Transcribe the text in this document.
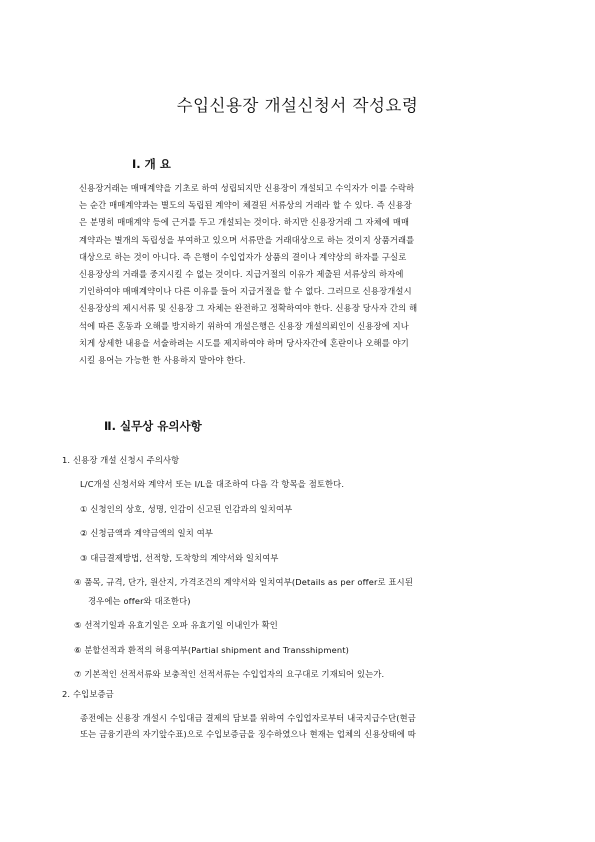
수입신용장 개설신청서 작성요령
Ⅰ. 개 요
신용장거래는 매매계약을 기초로 하여 성립되지만 신용장이 개설되고 수익자가 이를 수락하
는 순간 매매계약과는 별도의 독립된 계약이 체결된 서류상의 거래라 할 수 있다. 즉 신용장
은 분명히 매매계약 등에 근거를 두고 개설되는 것이다. 하지만 신용장거래 그 자체에 매매
계약과는 별개의 독립성을 부여하고 있으며 서류만을 거래대상으로 하는 것이지 상품거래를
대상으로 하는 것이 아니다. 즉 은행이 수입업자가 상품의 결이나 계약상의 하자를 구실로
신용장상의 거래를 중지시킬 수 없는 것이다. 지급거절의 이유가 제출된 서류상의 하자에
기인하여야 매매계약이나 다른 이유를 들어 지급거절을 할 수 없다. 그러므로 신용장개설시
신용장상의 제시서류 및 신용장 그 자체는 완전하고 정확하여야 한다. 신용장 당사자 간의 해
석에 따른 혼동과 오해를 방지하기 위하여 개설은행은 신용장 개설의뢰인이 신용장에 지나
치게 상세한 내용을 서술하려는 시도를 제지하여야 하며 당사자간에 혼란이나 오해를 야기
시킬 용어는 가능한 한 사용하지 말아야 한다.
Ⅱ. 실무상 유의사항
1. 신용장 개설 신청시 주의사항
L/C개설 신청서와 계약서 또는 I/L을 대조하여 다음 각 항목을 점토한다.
① 신청인의 상호, 성명, 인감이 신고된 인감과의 일치여부
② 신청금액과 계약금액의 일치 여부
③ 대금결제방법, 선적항, 도착항의 계약서와 일치여부
④ 품목, 규격, 단가, 원산지, 가격조건의 계약서와 일치여부(Details as per offer로 표시된
경우에는 offer와 대조한다)
⑤ 선적기일과 유효기일은 오파 유효기일 이내인가 확인
⑥ 분할선적과 환적의 허용여부(Partial shipment and Transshipment)
⑦ 기본적인 선적서류와 보충적인 선적서류는 수입업자의 요구대로 기재되어 있는가.
2. 수입보증금
종전에는 신용장 개설시 수입대금 결제의 담보를 위하여 수입업자로부터 내국지급수단(현금
또는 금융기관의 자기앞수표)으로 수입보증금을 징수하였으나 현재는 업체의 신용상태에 따
